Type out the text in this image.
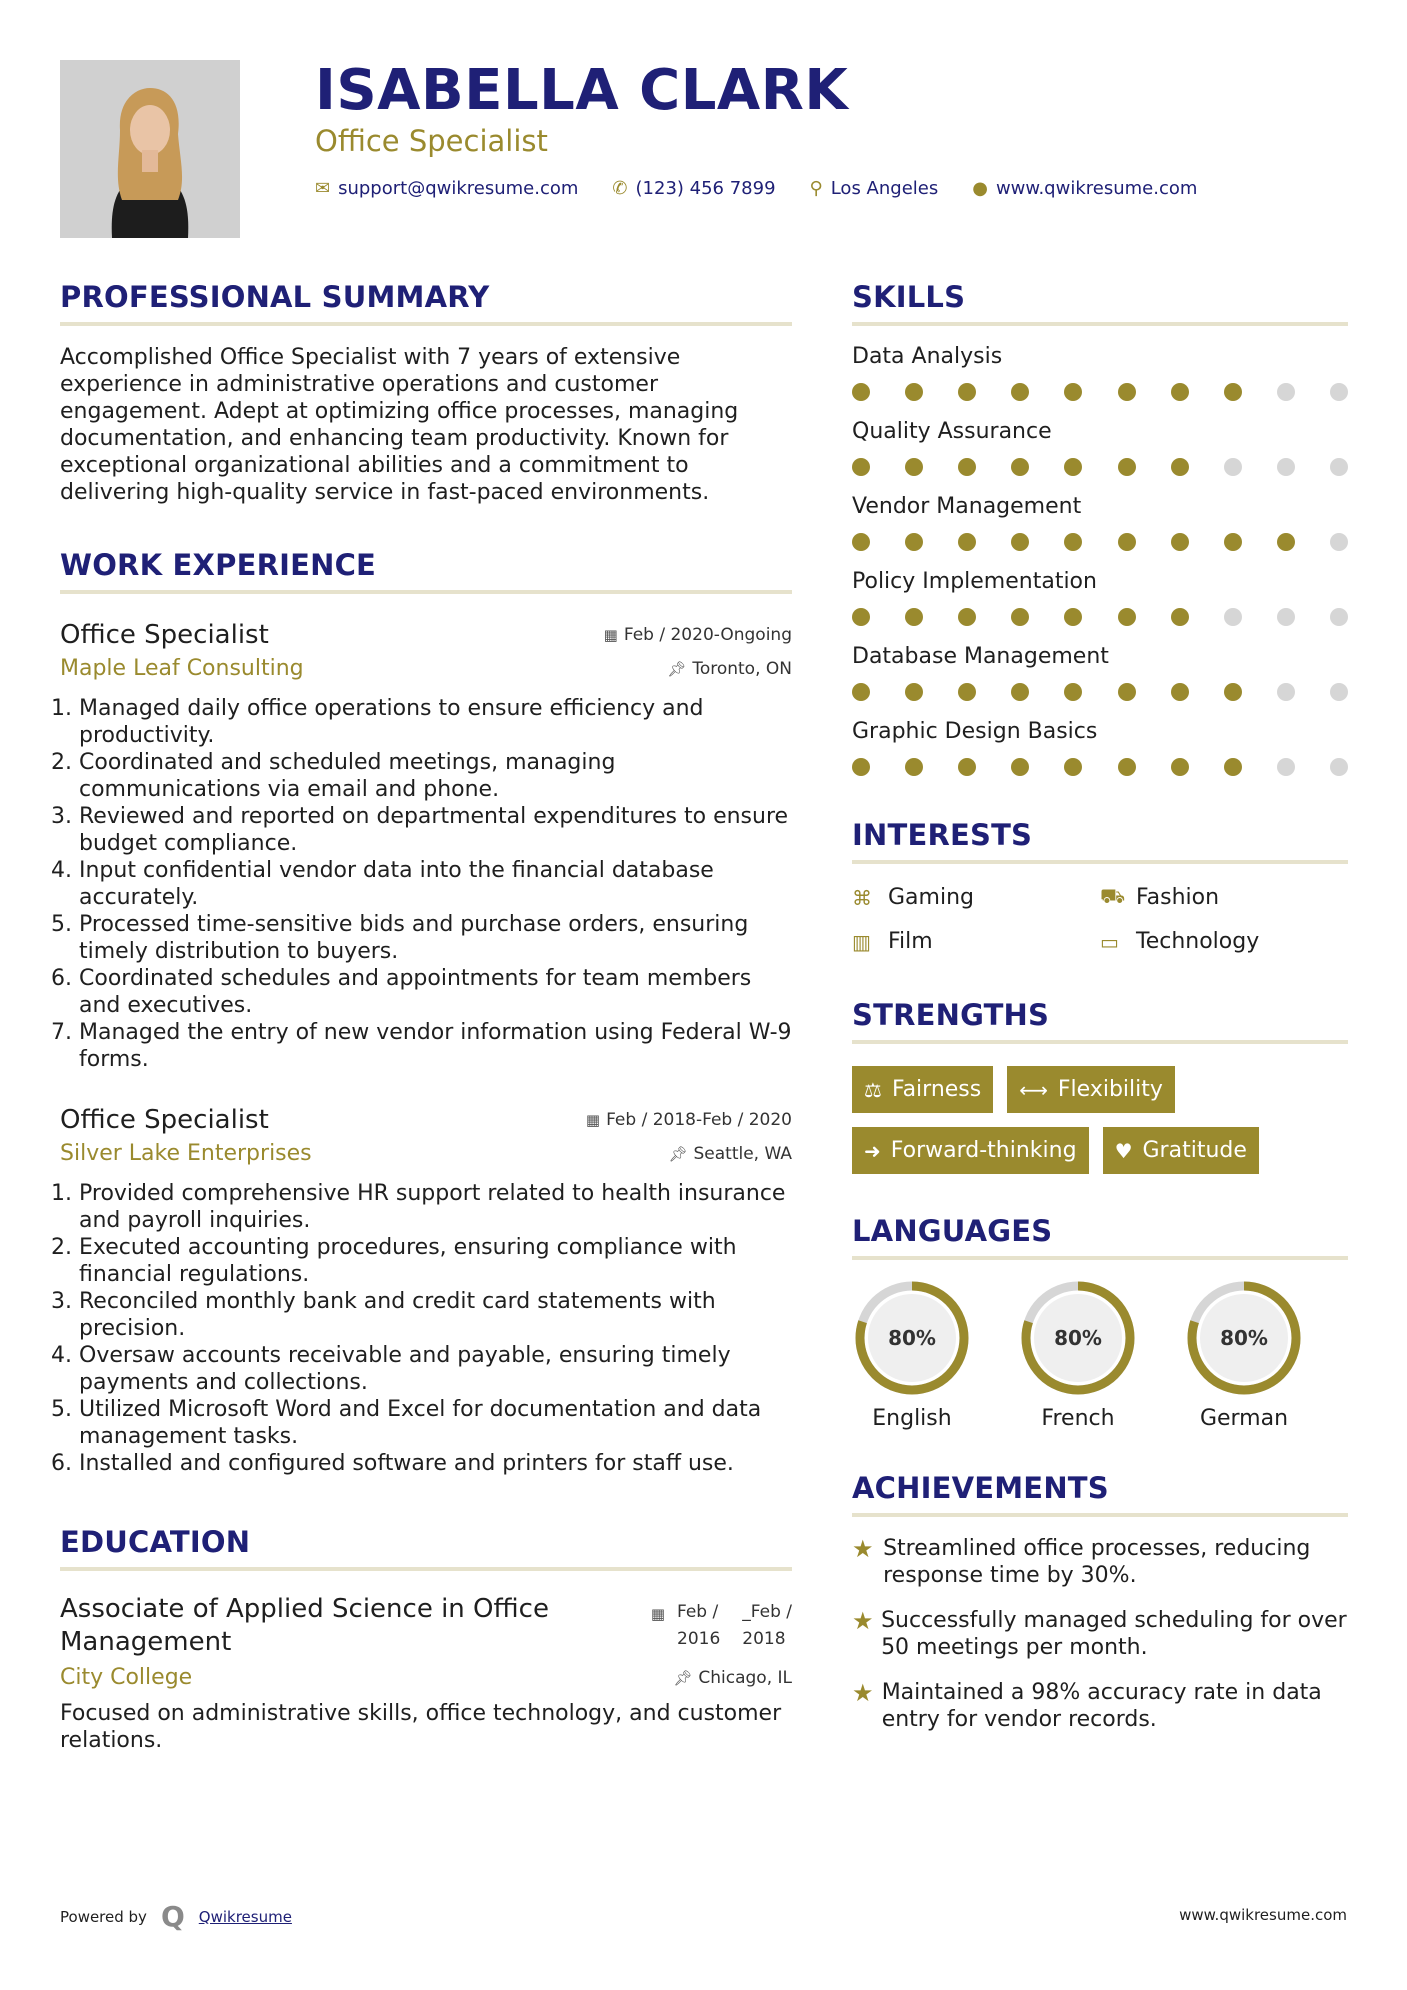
ISABELLA CLARK
Office Specialist
✉ support@qwikresume.com ✆ (123) 456 7899 ⚲ Los Angeles ● www.qwikresume.com
PROFESSIONAL SUMMARY
Accomplished Office Specialist with 7 years of extensive experience in administrative operations and customer engagement. Adept at optimizing office processes, managing documentation, and enhancing team productivity. Known for exceptional organizational abilities and a commitment to delivering high-quality service in fast-paced environments.
WORK EXPERIENCE
Office Specialist	▦ Feb / 2020-Ongoing
Maple Leaf Consulting	📌︎ Toronto, ON
1. Managed daily office operations to ensure efficiency and productivity.
2. Coordinated and scheduled meetings, managing communications via email and phone.
3. Reviewed and reported on departmental expenditures to ensure budget compliance.
4. Input confidential vendor data into the financial database accurately.
5. Processed time-sensitive bids and purchase orders, ensuring timely distribution to buyers.
6. Coordinated schedules and appointments for team members and executives.
7. Managed the entry of new vendor information using Federal W-9 forms.
Office Specialist	▦ Feb / 2018-Feb / 2020
Silver Lake Enterprises	📌︎ Seattle, WA
1. Provided comprehensive HR support related to health insurance and payroll inquiries.
2. Executed accounting procedures, ensuring compliance with financial regulations.
3. Reconciled monthly bank and credit card statements with precision.
4. Oversaw accounts receivable and payable, ensuring timely payments and collections.
5. Utilized Microsoft Word and Excel for documentation and data management tasks.
6. Installed and configured software and printers for staff use.
EDUCATION
Associate of Applied Science in Office Management
▦ Feb /
2016
_Feb /
2018
City College	📌︎ Chicago, IL
Focused on administrative skills, office technology, and customer relations.
SKILLS
Data Analysis
Quality Assurance
Vendor Management
Policy Implementation
Database Management
Graphic Design Basics
INTERESTS
⌘ Gaming	⛟ Fashion
▥ Film	▭ Technology
STRENGTHS
⚖ Fairness ⟷ Flexibility
➜ Forward-thinking ♥ Gratitude
LANGUAGES
80%
English
80%
French
80%
German
ACHIEVEMENTS
★ Streamlined office processes, reducing response time by 30%.
★ Successfully managed scheduling for over 50 meetings per month.
★ Maintained a 98% accuracy rate in data entry for vendor records.
Powered by Q Qwikresume	www.qwikresume.com
